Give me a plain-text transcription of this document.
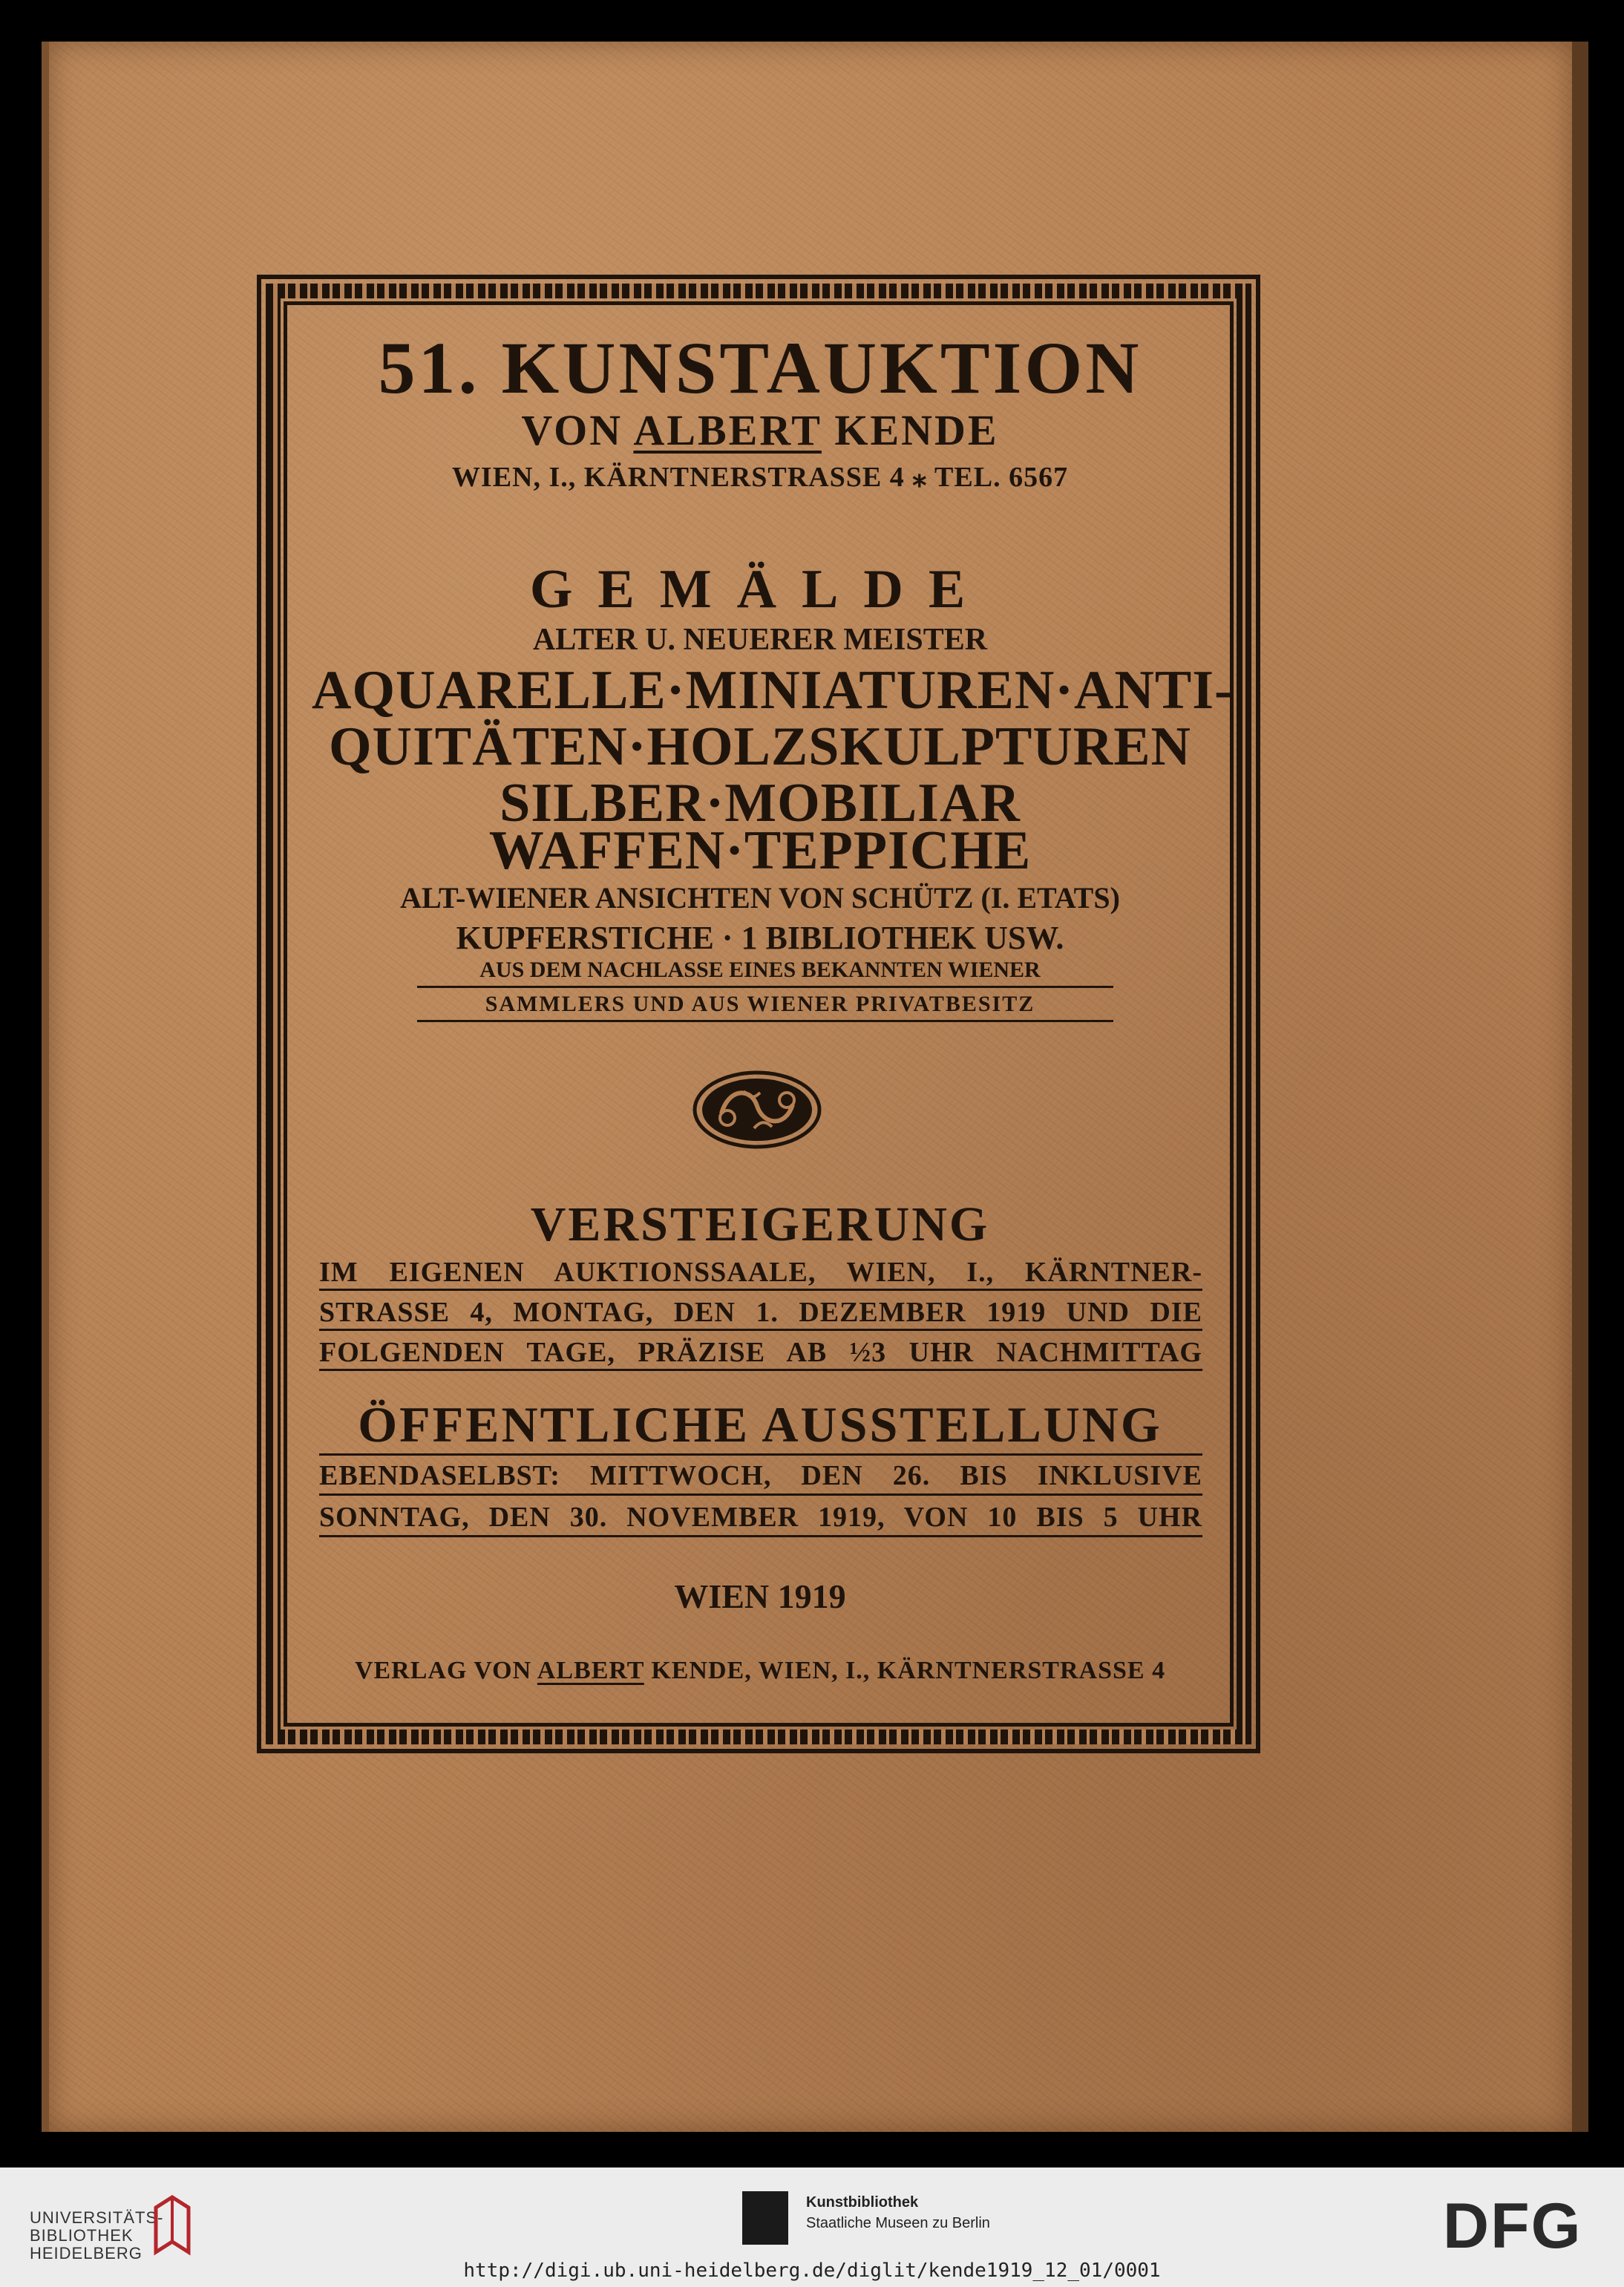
51. KUNSTAUKTION
VON ALBERT KENDE
WIEN, I., KÄRNTNERSTRASSE 4 ⁎ TEL. 6567
GEMÄLDE
ALTER U. NEUERER MEISTER
AQUARELLE·MINIATUREN·ANTI-
QUITÄTEN·HOLZSKULPTUREN
SILBER·MOBILIAR
WAFFEN·TEPPICHE
ALT-WIENER ANSICHTEN VON SCHÜTZ (I. ETATS)
KUPFERSTICHE · 1 BIBLIOTHEK USW.
AUS DEM NACHLASSE EINES BEKANNTEN WIENER
SAMMLERS UND AUS WIENER PRIVATBESITZ
VERSTEIGERUNG
IM EIGENEN AUKTIONSSAALE, WIEN, I., KÄRNTNER-
STRASSE 4, MONTAG, DEN 1. DEZEMBER 1919 UND DIE
FOLGENDEN TAGE, PRÄZISE AB ½3 UHR NACHMITTAG
ÖFFENTLICHE AUSSTELLUNG
EBENDASELBST: MITTWOCH, DEN 26. BIS INKLUSIVE
SONNTAG, DEN 30. NOVEMBER 1919, VON 10 BIS 5 UHR
WIEN 1919
VERLAG VON ALBERT KENDE, WIEN, I., KÄRNTNERSTRASSE 4
UNIVERSITÄTS-
BIBLIOTHEK
HEIDELBERG
Kunstbibliothek
Staatliche Museen zu Berlin	DFG
http://digi.ub.uni-heidelberg.de/diglit/kende1919_12_01/0001
